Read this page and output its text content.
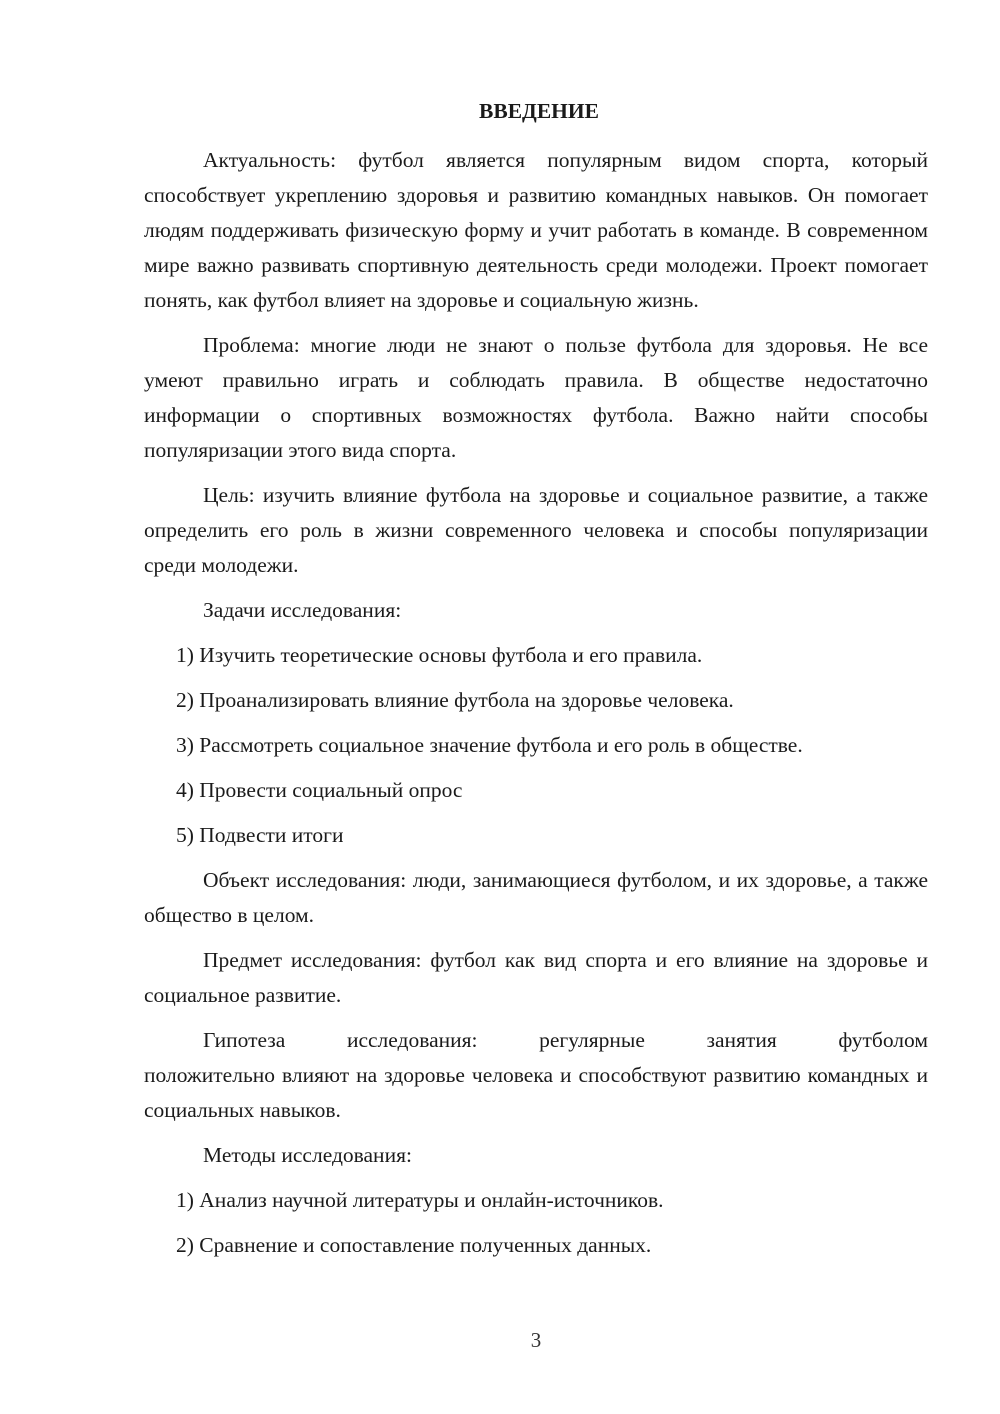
ВВЕДЕНИЕ

Актуальность: футбол является популярным видом спорта, который способствует укреплению здоровья и развитию командных навыков. Он помогает людям поддерживать физическую форму и учит работать в команде. В современном мире важно развивать спортивную деятельность среди молодежи. Проект помогает понять, как футбол влияет на здоровье и социальную жизнь.

Проблема: многие люди не знают о пользе футбола для здоровья. Не все умеют правильно играть и соблюдать правила. В обществе недостаточно информации о спортивных возможностях футбола. Важно найти способы популяризации этого вида спорта.

Цель: изучить влияние футбола на здоровье и социальное развитие, а также определить его роль в жизни современного человека и способы популяризации среди молодежи.

Задачи исследования:

1) Изучить теоретические основы футбола и его правила.

2) Проанализировать влияние футбола на здоровье человека.

3) Рассмотреть социальное значение футбола и его роль в обществе.

4) Провести социальный опрос

5) Подвести итоги

Объект исследования: люди, занимающиеся футболом, и их здоровье, а также общество в целом.

Предмет исследования: футбол как вид спорта и его влияние на здоровье и социальное развитие.

Гипотеза	исследования:	регулярные	занятия	футболом
положительно влияют на здоровье человека и способствуют развитию командных и социальных навыков.

Методы исследования:

1) Анализ научной литературы и онлайн-источников.

2) Сравнение и сопоставление полученных данных.

3
